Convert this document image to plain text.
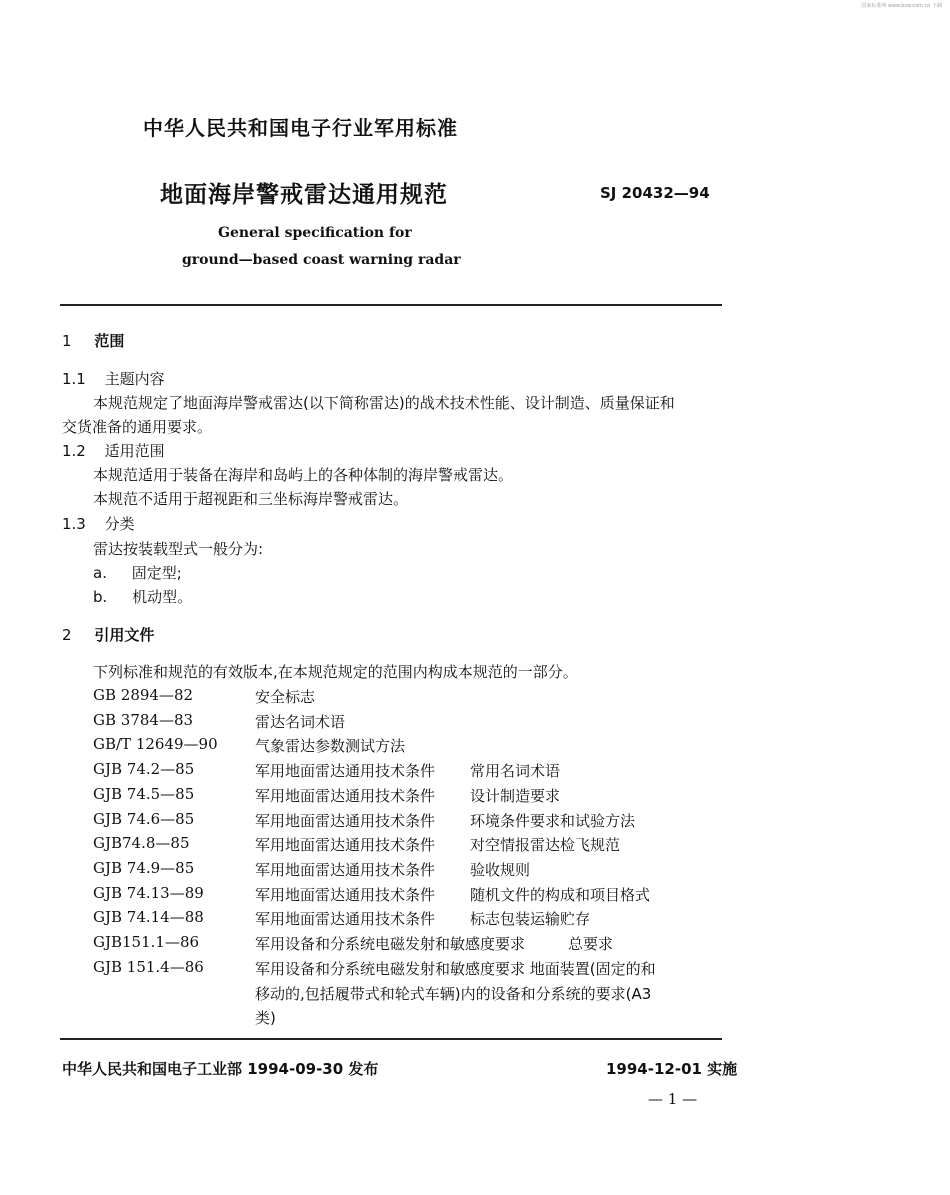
国家标准网 www.bzw.com.cn 下载
中华人民共和国电子行业军用标准
地面海岸警戒雷达通用规范	SJ 20432—94
General specification for
ground—based coast warning radar
1 范围
1.1 主题内容
本规范规定了地面海岸警戒雷达(以下简称雷达)的战术技术性能、设计制造、质量保证和
交货准备的通用要求。
1.2 适用范围
本规范适用于装备在海岸和岛屿上的各种体制的海岸警戒雷达。
本规范不适用于超视距和三坐标海岸警戒雷达。
1.3 分类
雷达按装载型式一般分为:
a. 固定型;
b. 机动型。
2 引用文件
下列标准和规范的有效版本,在本规范规定的范围内构成本规范的一部分。
GB 2894—82	安全标志
GB 3784—83	雷达名词术语
GB/T 12649—90 气象雷达参数测试方法
GJB 74.2—85	军用地面雷达通用技术条件 常用名词术语
GJB 74.5—85	军用地面雷达通用技术条件 设计制造要求
GJB 74.6—85	军用地面雷达通用技术条件 环境条件要求和试验方法
GJB74.8—85	军用地面雷达通用技术条件 对空情报雷达检飞规范
GJB 74.9—85	军用地面雷达通用技术条件 验收规则
GJB 74.13—89	军用地面雷达通用技术条件 随机文件的构成和项目格式
GJB 74.14—88	军用地面雷达通用技术条件 标志包装运输贮存
GJB151.1—86	军用设备和分系统电磁发射和敏感度要求	总要求
GJB 151.4—86	军用设备和分系统电磁发射和敏感度要求 地面装置(固定的和
移动的,包括履带式和轮式车辆)内的设备和分系统的要求(A3
类)
中华人民共和国电子工业部 1994-09-30 发布	1994-12-01 实施
— 1 —
